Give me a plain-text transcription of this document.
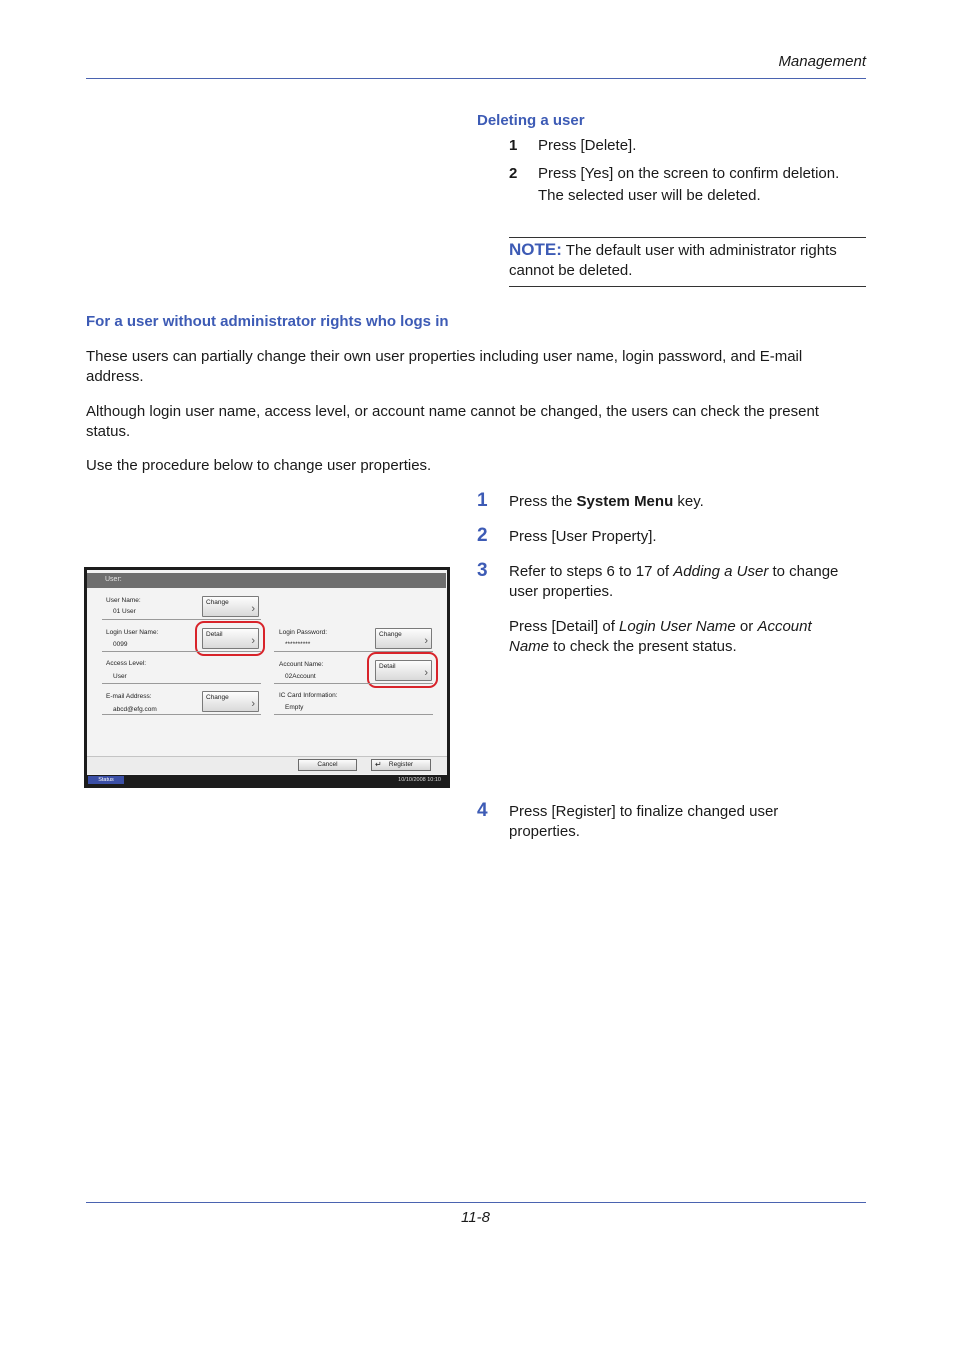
Management
Deleting a user
1 Press [Delete].
2 Press [Yes] on the screen to confirm deletion.
The selected user will be deleted.
NOTE: The default user with administrator rights
cannot be deleted.
For a user without administrator rights who logs in
These users can partially change their own user properties including user name, login password, and E-mail
address.
Although login user name, access level, or account name cannot be changed, the users can check the present
status.
Use the procedure below to change user properties.
1 Press the System Menu key.
2 Press [User Property].
3 Refer to steps 6 to 17 of Adding a User to change
user properties.
Press [Detail] of Login User Name or Account
Name to check the present status.
4 Press [Register] to finalize changed user
properties.
User:
User Name:
01 User
Change
›
Login User Name:
0099
Detail
›
Login Password:
**********
Change
›
Access Level:
User
Account Name:
02Account
Detail
›
E-mail Address:
abcd@efg.com
Change
›
IC Card Information:
Empty
Cancel	↵ Register
Status	10/10/2008 10:10
11-8
